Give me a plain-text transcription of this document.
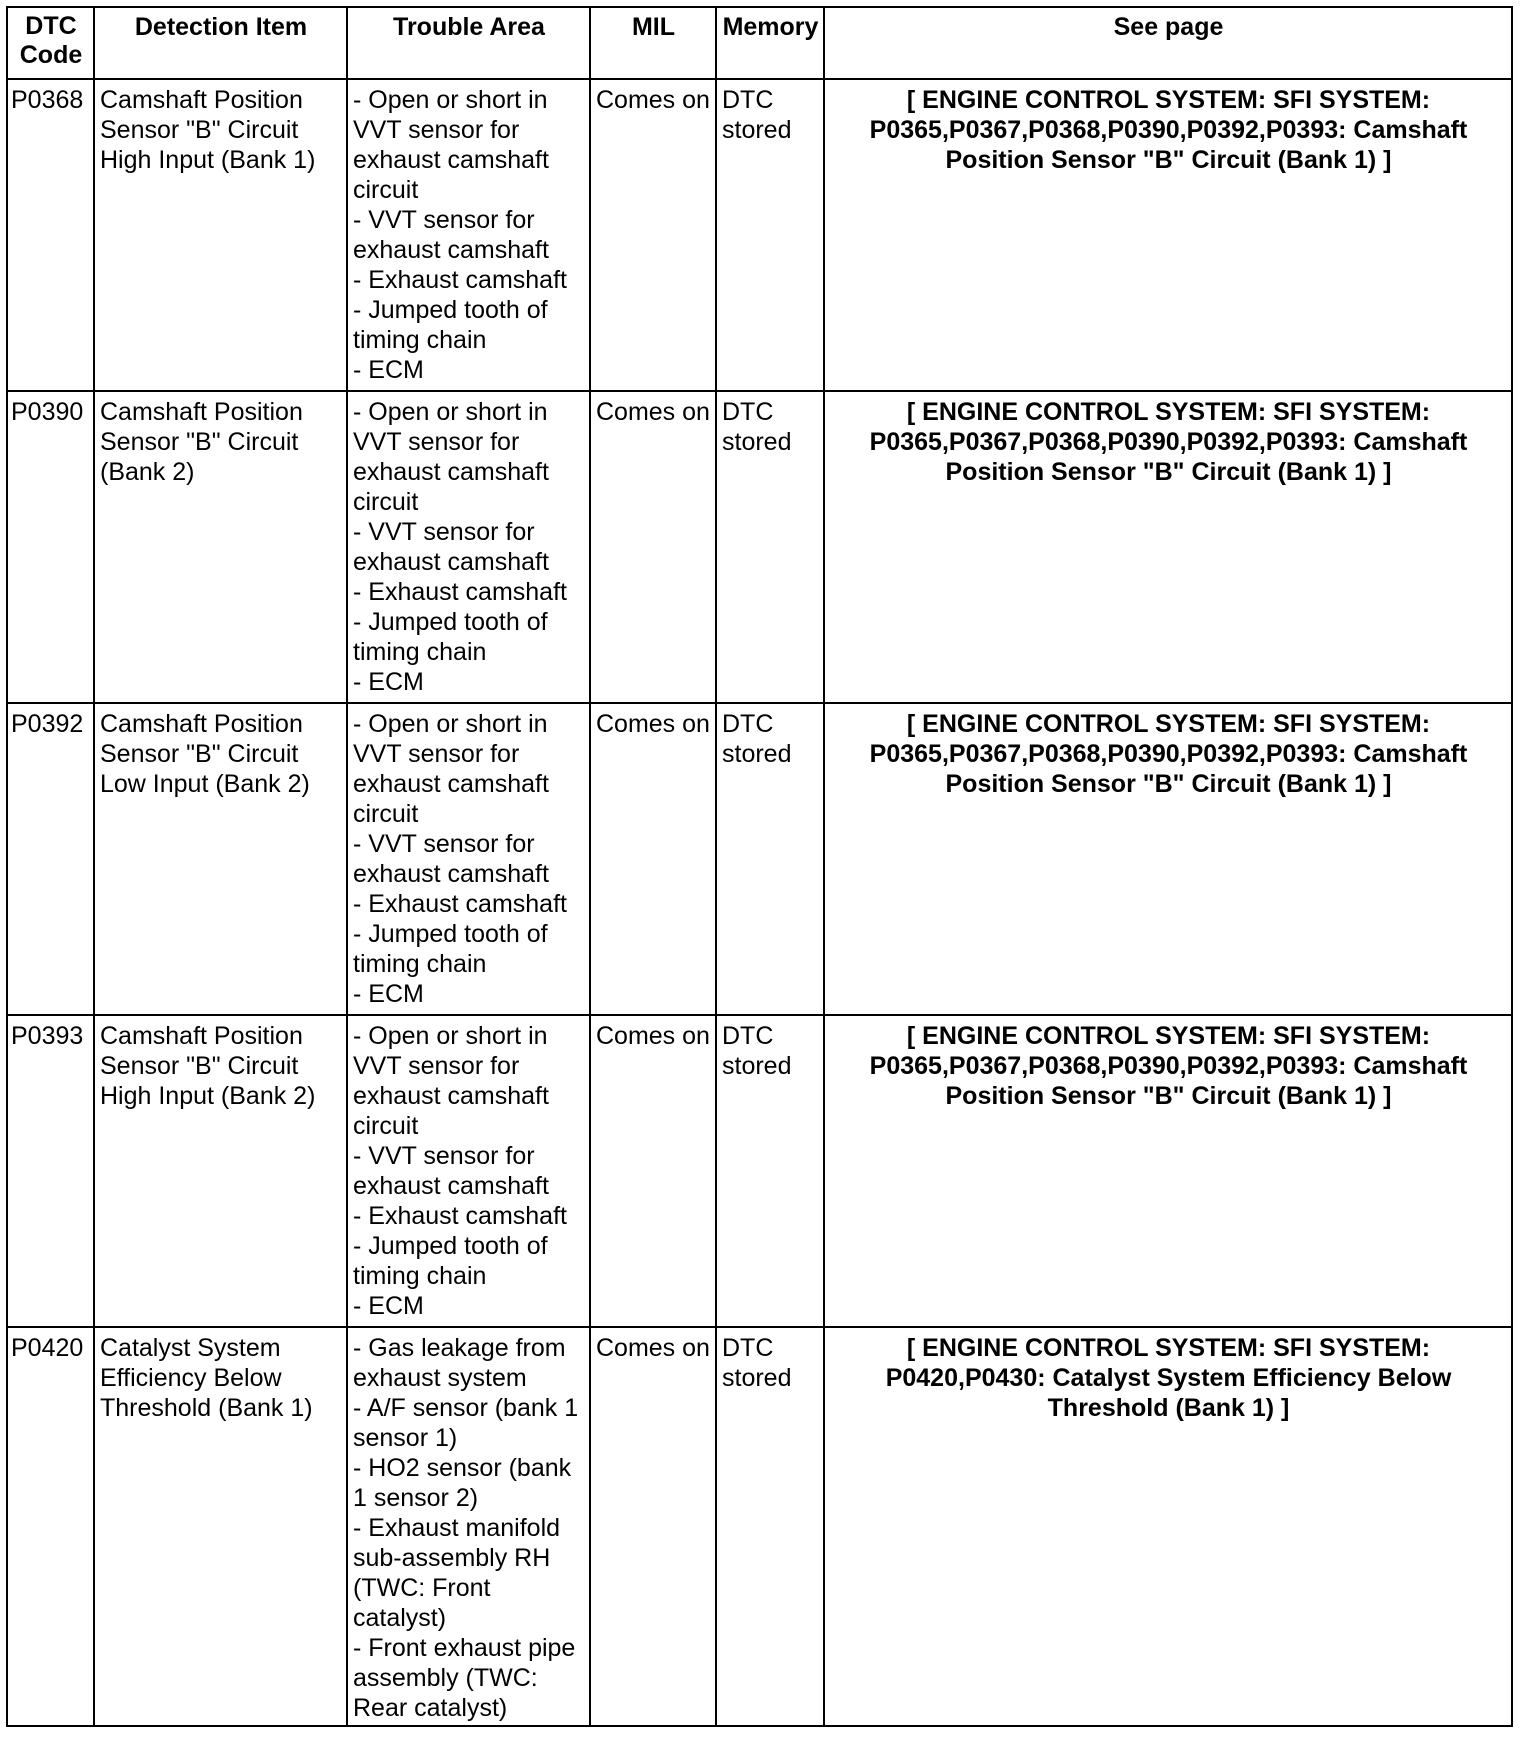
DTC Code	Detection Item	Trouble Area	MIL	Memory	See page
P0368	Camshaft Position Sensor "B" Circuit High Input (Bank 1)	- Open or short in VVT sensor for exhaust camshaft circuit
- VVT sensor for exhaust camshaft
- Exhaust camshaft
- Jumped tooth of timing chain
- ECM	Comes on	DTC stored	[ ENGINE CONTROL SYSTEM: SFI SYSTEM: P0365,P0367,P0368,P0390,P0392,P0393: Camshaft Position Sensor "B" Circuit (Bank 1) ]
P0390	Camshaft Position Sensor "B" Circuit (Bank 2)	- Open or short in VVT sensor for exhaust camshaft circuit
- VVT sensor for exhaust camshaft
- Exhaust camshaft
- Jumped tooth of timing chain
- ECM	Comes on	DTC stored	[ ENGINE CONTROL SYSTEM: SFI SYSTEM: P0365,P0367,P0368,P0390,P0392,P0393: Camshaft Position Sensor "B" Circuit (Bank 1) ]
P0392	Camshaft Position Sensor "B" Circuit Low Input (Bank 2)	- Open or short in VVT sensor for exhaust camshaft circuit
- VVT sensor for exhaust camshaft
- Exhaust camshaft
- Jumped tooth of timing chain
- ECM	Comes on	DTC stored	[ ENGINE CONTROL SYSTEM: SFI SYSTEM: P0365,P0367,P0368,P0390,P0392,P0393: Camshaft Position Sensor "B" Circuit (Bank 1) ]
P0393	Camshaft Position Sensor "B" Circuit High Input (Bank 2)	- Open or short in VVT sensor for exhaust camshaft circuit
- VVT sensor for exhaust camshaft
- Exhaust camshaft
- Jumped tooth of timing chain
- ECM	Comes on	DTC stored	[ ENGINE CONTROL SYSTEM: SFI SYSTEM: P0365,P0367,P0368,P0390,P0392,P0393: Camshaft Position Sensor "B" Circuit (Bank 1) ]
P0420	Catalyst System Efficiency Below Threshold (Bank 1)	- Gas leakage from exhaust system
- A/F sensor (bank 1 sensor 1)
- HO2 sensor (bank 1 sensor 2)
- Exhaust manifold sub-assembly RH (TWC: Front catalyst)
- Front exhaust pipe assembly (TWC: Rear catalyst)	Comes on	DTC stored	[ ENGINE CONTROL SYSTEM: SFI SYSTEM: P0420,P0430: Catalyst System Efficiency Below Threshold (Bank 1) ]
